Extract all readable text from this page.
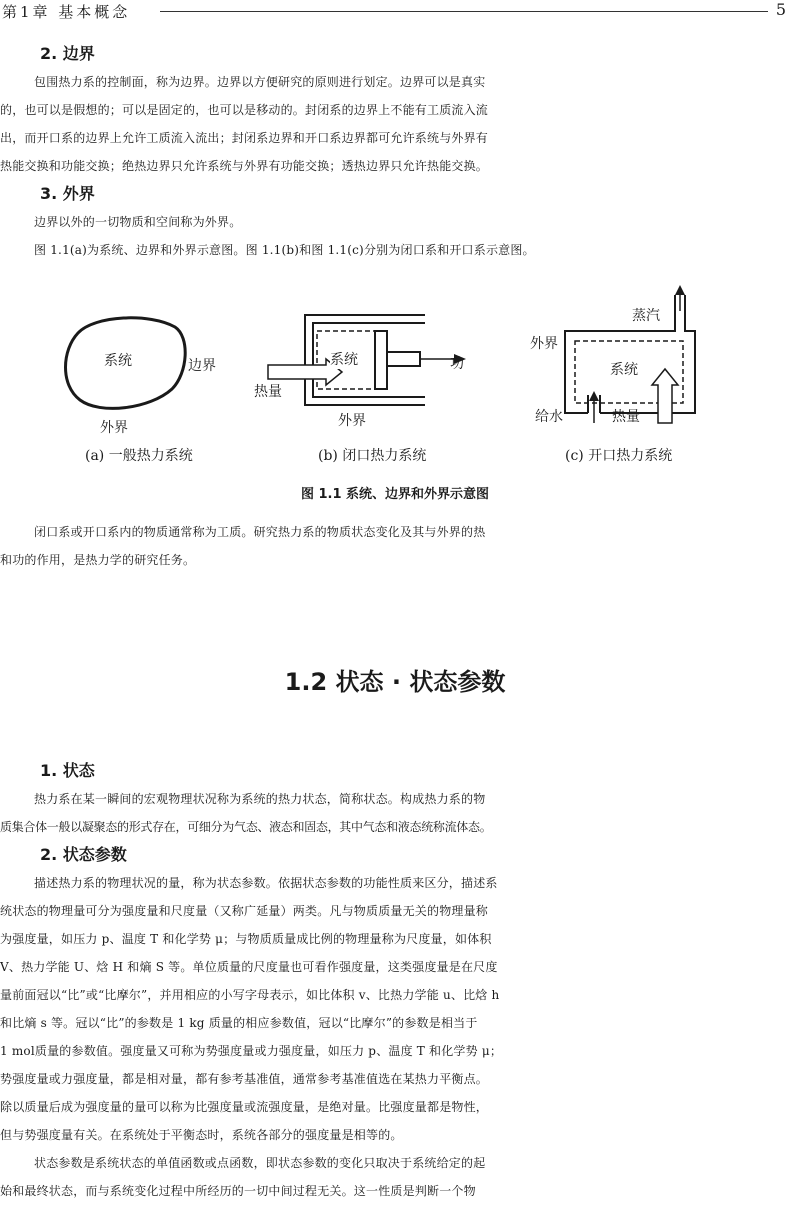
第1章 基本概念	5
2. 边界
包围热力系的控制面，称为边界。边界以方便研究的原则进行划定。边界可以是真实
的，也可以是假想的；可以是固定的，也可以是移动的。封闭系的边界上不能有工质流入流
出，而开口系的边界上允许工质流入流出；封闭系边界和开口系边界都可允许系统与外界有
热能交换和功能交换；绝热边界只允许系统与外界有功能交换；透热边界只允许热能交换。
3. 外界
边界以外的一切物质和空间称为外界。
图 1.1(a)为系统、边界和外界示意图。图 1.1(b)和图 1.1(c)分别为闭口系和开口系示意图。
系统	边界
外界
(a) 一般热力系统
系统	功
热量
外界
(b) 闭口热力系统
蒸汽
外界
系统
给水	热量
(c) 开口热力系统
图 1.1 系统、边界和外界示意图
闭口系或开口系内的物质通常称为工质。研究热力系的物质状态变化及其与外界的热
和功的作用，是热力学的研究任务。
1.2 状态 · 状态参数
1. 状态
热力系在某一瞬间的宏观物理状况称为系统的热力状态，简称状态。构成热力系的物
质集合体一般以凝聚态的形式存在，可细分为气态、液态和固态，其中气态和液态统称流体态。
2. 状态参数
描述热力系的物理状况的量，称为状态参数。依据状态参数的功能性质来区分，描述系
统状态的物理量可分为强度量和尺度量（又称广延量）两类。凡与物质质量无关的物理量称
为强度量，如压力 p、温度 T 和化学势 μ；与物质质量成比例的物理量称为尺度量，如体积
V、热力学能 U、焓 H 和熵 S 等。单位质量的尺度量也可看作强度量，这类强度量是在尺度
量前面冠以“比”或“比摩尔”，并用相应的小写字母表示，如比体积 v、比热力学能 u、比焓 h
和比熵 s 等。冠以“比”的参数是 1 kg 质量的相应参数值，冠以“比摩尔”的参数是相当于
1 mol质量的参数值。强度量又可称为势强度量或力强度量，如压力 p、温度 T 和化学势 μ；
势强度量或力强度量，都是相对量，都有参考基准值，通常参考基准值选在某热力平衡点。
除以质量后成为强度量的量可以称为比强度量或流强度量，是绝对量。比强度量都是物性，
但与势强度量有关。在系统处于平衡态时，系统各部分的强度量是相等的。
状态参数是系统状态的单值函数或点函数，即状态参数的变化只取决于系统给定的起
始和最终状态，而与系统变化过程中所经历的一切中间过程无关。这一性质是判断一个物
